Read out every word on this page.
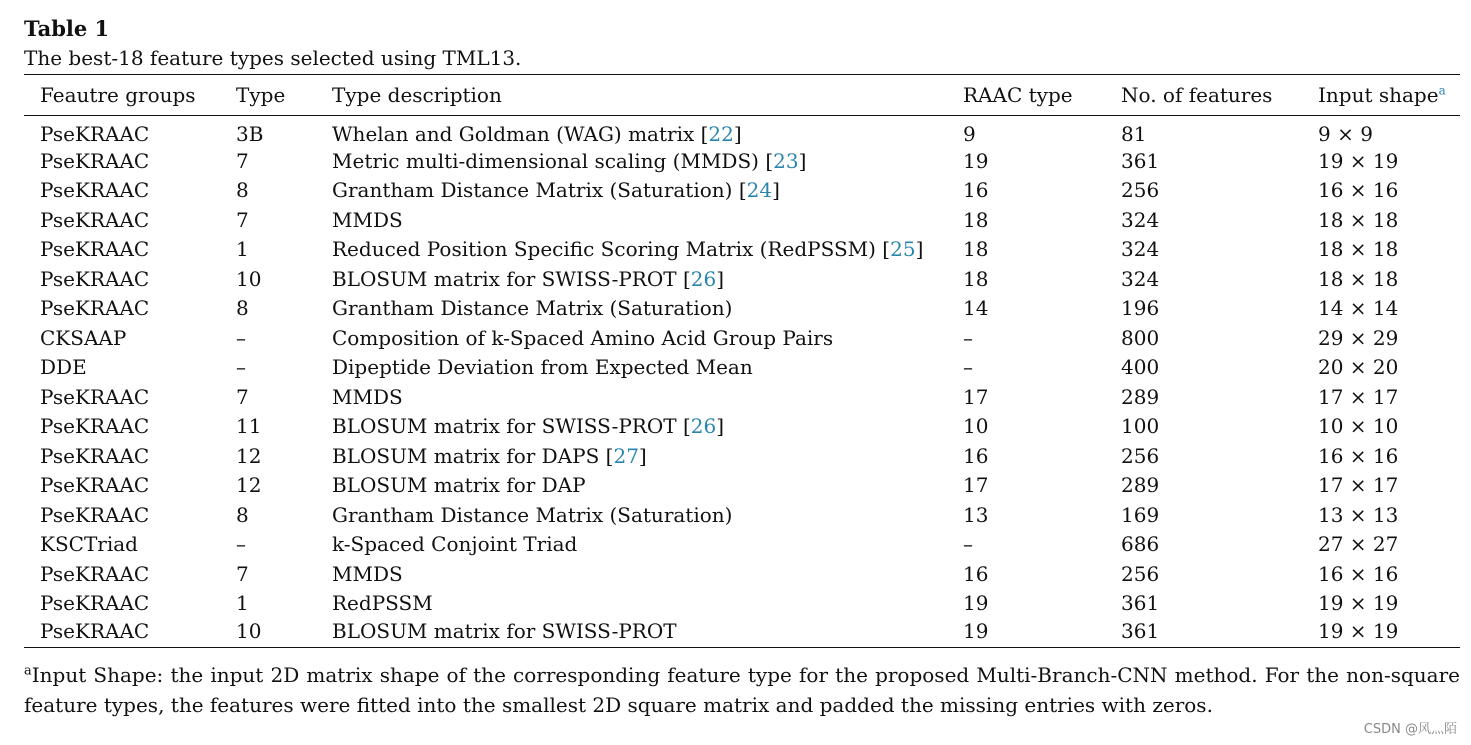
Table 1
The best-18 feature types selected using TML13.
Feautre groups	Type	Type description	RAAC type	No. of features	Input shape$^a$
PseKRAAC	3B	Whelan and Goldman (WAG) matrix [22]	9	81	9 × 9
PseKRAAC	7	Metric multi-dimensional scaling (MMDS) [23]	19	361	19 × 19
PseKRAAC	8	Grantham Distance Matrix (Saturation) [24]	16	256	16 × 16
PseKRAAC	7	MMDS	18	324	18 × 18
PseKRAAC	1	Reduced Position Specific Scoring Matrix (RedPSSM) [25]	18	324	18 × 18
PseKRAAC	10	BLOSUM matrix for SWISS-PROT [26]	18	324	18 × 18
PseKRAAC	8	Grantham Distance Matrix (Saturation)	14	196	14 × 14
CKSAAP	–	Composition of k-Spaced Amino Acid Group Pairs	–	800	29 × 29
DDE	–	Dipeptide Deviation from Expected Mean	–	400	20 × 20
PseKRAAC	7	MMDS	17	289	17 × 17
PseKRAAC	11	BLOSUM matrix for SWISS-PROT [26]	10	100	10 × 10
PseKRAAC	12	BLOSUM matrix for DAPS [27]	16	256	16 × 16
PseKRAAC	12	BLOSUM matrix for DAP	17	289	17 × 17
PseKRAAC	8	Grantham Distance Matrix (Saturation)	13	169	13 × 13
KSCTriad	–	k-Spaced Conjoint Triad	–	686	27 × 27
PseKRAAC	7	MMDS	16	256	16 × 16
PseKRAAC	1	RedPSSM	19	361	19 × 19
PseKRAAC	10	BLOSUM matrix for SWISS-PROT	19	361	19 × 19
$^a$Input Shape: the input 2D matrix shape of the corresponding feature type for the proposed Multi-Branch-CNN method. For the non-square feature types, the features were fitted into the smallest 2D square matrix and padded the missing entries with zeros.
CSDN @风灬陌
